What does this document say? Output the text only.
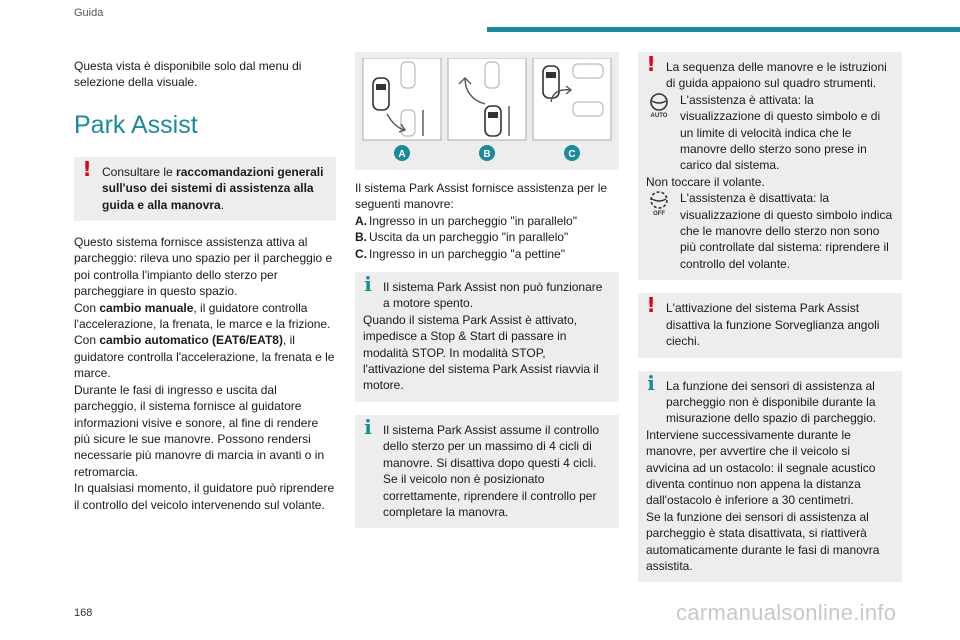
Guida

Questa vista è disponibile solo dal menu di selezione della visuale.

Park Assist
! Consultare le raccomandazioni generali sull'uso dei sistemi di assistenza alla guida e alla manovra.

Questo sistema fornisce assistenza attiva al parcheggio: rileva uno spazio per il parcheggio e poi controlla l'impianto dello sterzo per parcheggiare in questo spazio.

Con cambio manuale, il guidatore controlla l'accelerazione, la frenata, le marce e la frizione.

Con cambio automatico (EAT6/EAT8), il guidatore controlla l'accelerazione, la frenata e le marce.

Durante le fasi di ingresso e uscita dal parcheggio, il sistema fornisce al guidatore informazioni visive e sonore, al fine di rendere più sicure le sue manovre. Possono rendersi necessarie più manovre di marcia in avanti o in retromarcia.

In qualsiasi momento, il guidatore può riprendere il controllo del veicolo intervenendo sul volante.

A	B	C

Il sistema Park Assist fornisce assistenza per le seguenti manovre:

A. Ingresso in un parcheggio "in parallelo"
B. Uscita da un parcheggio "in parallelo"
C. Ingresso in un parcheggio "a pettine"
i Il sistema Park Assist non può funzionare a motore spento.

Quando il sistema Park Assist è attivato, impedisce a Stop & Start di passare in modalità STOP. In modalità STOP, l'attivazione del sistema Park Assist riavvia il motore.

i Il sistema Park Assist assume il controllo dello sterzo per un massimo di 4 cicli di manovre. Si disattiva dopo questi 4 cicli. Se il veicolo non è posizionato correttamente, riprendere il controllo per completare la manovra.

! La sequenza delle manovre e le istruzioni di guida appaiono sul quadro strumenti.

AUTO

L'assistenza è attivata: la visualizzazione di questo simbolo e di un limite di velocità indica che le manovre dello sterzo sono prese in carico dal sistema.

Non toccare il volante.

OFF

L'assistenza è disattivata: la visualizzazione di questo simbolo indica che le manovre dello sterzo non sono più controllate dal sistema: riprendere il controllo del volante.

! L'attivazione del sistema Park Assist disattiva la funzione Sorveglianza angoli ciechi.

i La funzione dei sensori di assistenza al parcheggio non è disponibile durante la misurazione dello spazio di parcheggio.

Interviene successivamente durante le manovre, per avvertire che il veicolo si avvicina ad un ostacolo: il segnale acustico diventa continuo non appena la distanza dall'ostacolo è inferiore a 30 centimetri.

Se la funzione dei sensori di assistenza al parcheggio è stata disattivata, si riattiverà automaticamente durante le fasi di manovra assistita.

168	carmanualsonline.info
